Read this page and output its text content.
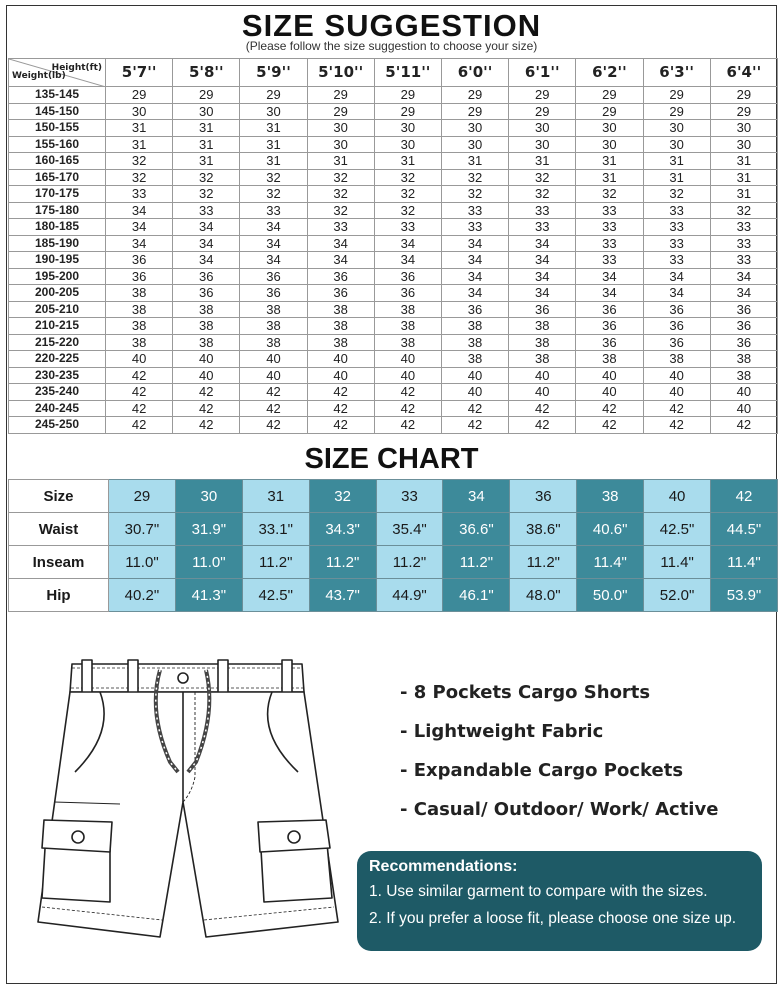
SIZE SUGGESTION
(Please follow the size suggestion to choose your size)
Height(ft)
Weight(lb)	5'7''	5'8''	5'9''	5'10''	5'11''	6'0''	6'1''	6'2''	6'3''	6'4''
135-145	29	29	29	29	29	29	29	29	29	29
145-150	30	30	30	29	29	29	29	29	29	29
150-155	31	31	31	30	30	30	30	30	30	30
155-160	31	31	31	30	30	30	30	30	30	30
160-165	32	31	31	31	31	31	31	31	31	31
165-170	32	32	32	32	32	32	32	31	31	31
170-175	33	32	32	32	32	32	32	32	32	31
175-180	34	33	33	32	32	33	33	33	33	32
180-185	34	34	34	33	33	33	33	33	33	33
185-190	34	34	34	34	34	34	34	33	33	33
190-195	36	34	34	34	34	34	34	33	33	33
195-200	36	36	36	36	36	34	34	34	34	34
200-205	38	36	36	36	36	34	34	34	34	34
205-210	38	38	38	38	38	36	36	36	36	36
210-215	38	38	38	38	38	38	38	36	36	36
215-220	38	38	38	38	38	38	38	36	36	36
220-225	40	40	40	40	40	38	38	38	38	38
230-235	42	40	40	40	40	40	40	40	40	38
235-240	42	42	42	42	42	40	40	40	40	40
240-245	42	42	42	42	42	42	42	42	42	40
245-250	42	42	42	42	42	42	42	42	42	42
SIZE CHART
Size	29	30	31	32	33	34	36	38	40	42
Waist	30.7"	31.9"	33.1"	34.3"	35.4"	36.6"	38.6"	40.6"	42.5"	44.5"
Inseam	11.0"	11.0"	11.2"	11.2"	11.2"	11.2"	11.2"	11.4"	11.4"	11.4"
Hip	40.2"	41.3"	42.5"	43.7"	44.9"	46.1"	48.0"	50.0"	52.0"	53.9"
- 8 Pockets Cargo Shorts
- Lightweight Fabric
- Expandable Cargo Pockets
- Casual/ Outdoor/ Work/ Active
Recommendations:
1. Use similar garment to compare with the sizes.
2. If you prefer a loose fit, please choose one size up.
